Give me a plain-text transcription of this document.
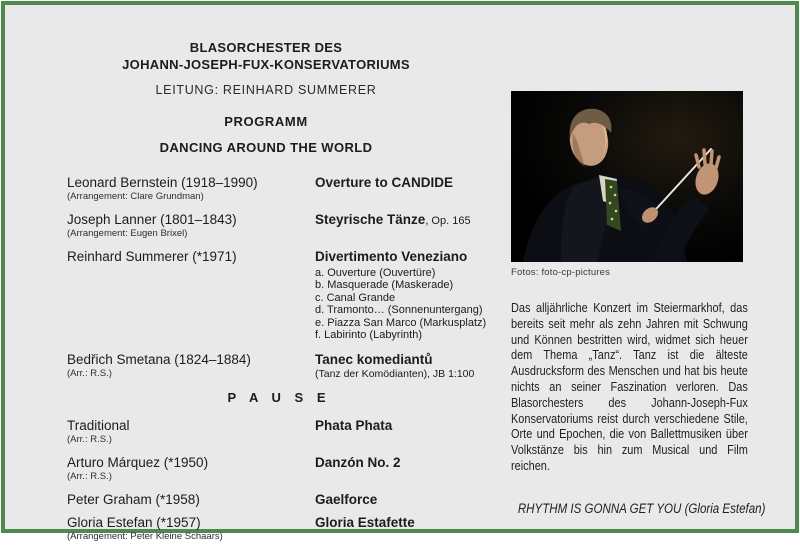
BLASORCHESTER DES
JOHANN-JOSEPH-FUX-KONSERVATORIUMS
LEITUNG: REINHARD SUMMERER
PROGRAMM
DANCING AROUND THE WORLD
Leonard Bernstein (1918–1990)
(Arrangement: Clare Grundman)
Overture to CANDIDE
Joseph Lanner (1801–1843)
(Arrangement: Eugen Brixel)
Steyrische Tänze, Op. 165
Reinhard Summerer (*1971)	Divertimento Veneziano
a. Ouverture (Ouvertüre)
b. Masquerade (Maskerade)
c. Canal Grande
d. Tramonto… (Sonnenuntergang)
e. Piazza San Marco (Markusplatz)
f. Labirinto (Labyrinth)
Bedřich Smetana (1824–1884)
(Arr.: R.S.)
Tanec komediantů
(Tanz der Komödianten), JB 1:100
P A U S E
Traditional
(Arr.: R.S.)
Phata Phata
Arturo Márquez (*1950)
(Arr.: R.S.)
Danzón No. 2
Peter Graham (*1958)	Gaelforce
Gloria Estefan (*1957)
(Arrangement: Peter Kleine Schaars)
Gloria Estafette
Fotos: foto-cp-pictures
Das alljährliche Konzert im Steiermarkhof, das bereits seit mehr als zehn Jahren mit Schwung und Können bestritten wird, widmet sich heuer dem Thema „Tanz“. Tanz ist die älteste Ausdrucksform des Menschen und hat bis heute nichts an seiner Faszination verloren. Das Blasorchesters des Johann-Joseph-Fux Konservatoriums reist durch verschiedene Stile, Orte und Epochen, die von Ballettmusiken über Volkstänze bis hin zum Musical und Film reichen.
RHYTHM IS GONNA GET YOU (Gloria Estefan)
